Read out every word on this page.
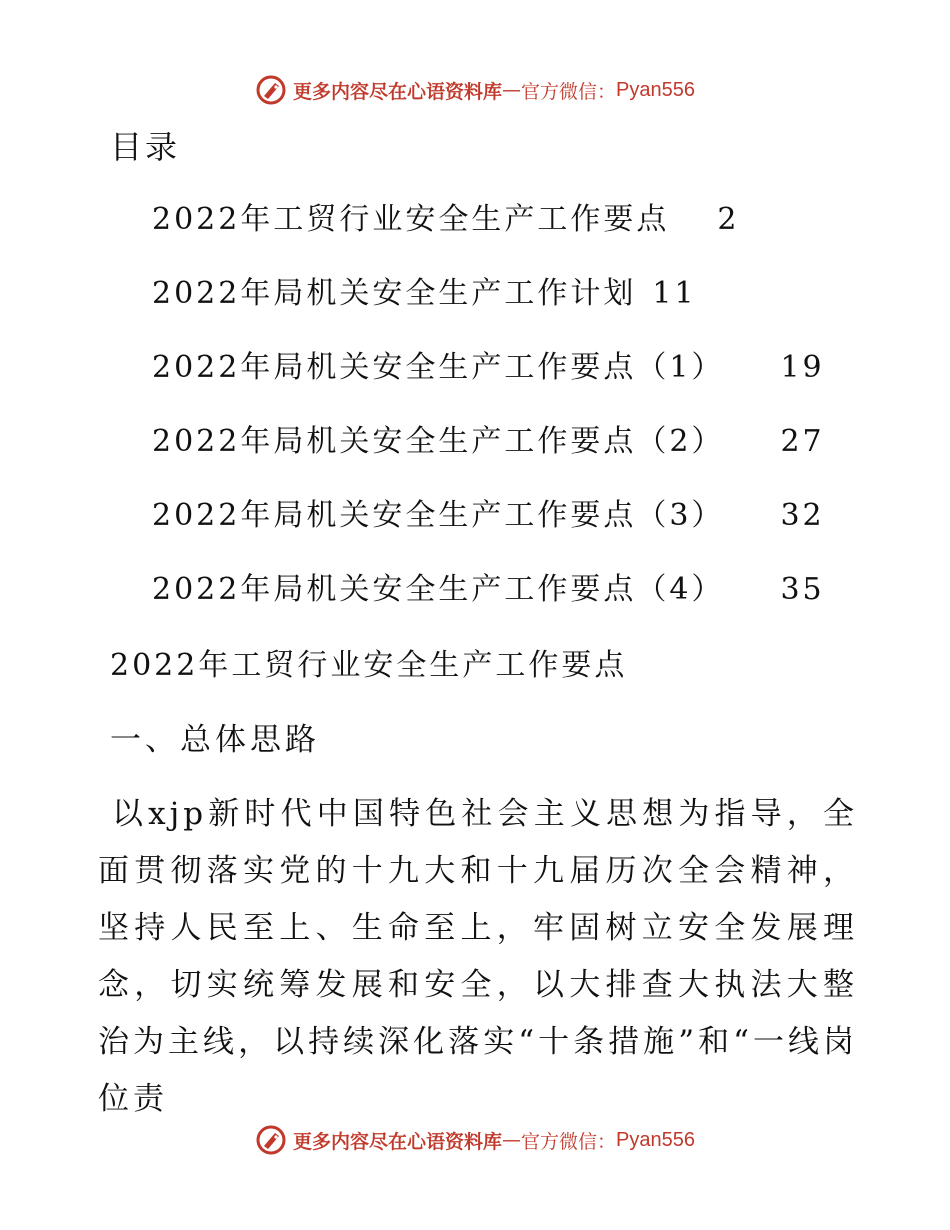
更多内容尽在心语资料库 — 官方微信： Pyan556
目录
2022年工贸行业安全生产工作要点 2
2022年局机关安全生产工作计划 11
2022年局机关安全生产工作要点（1） 19
2022年局机关安全生产工作要点（2） 27
2022年局机关安全生产工作要点（3） 32
2022年局机关安全生产工作要点（4） 35
2022年工贸行业安全生产工作要点
一、总体思路

以xjp新时代中国特色社会主义思想为指导，全面贯彻落实党的十九大和十九届历次全会精神，坚持人民至上、生命至上，牢固树立安全发展理念，切实统筹发展和安全，以大排查大执法大整治为主线，以持续深化落实“十条措施”和“一线岗位责

更多内容尽在心语资料库 — 官方微信： Pyan556
